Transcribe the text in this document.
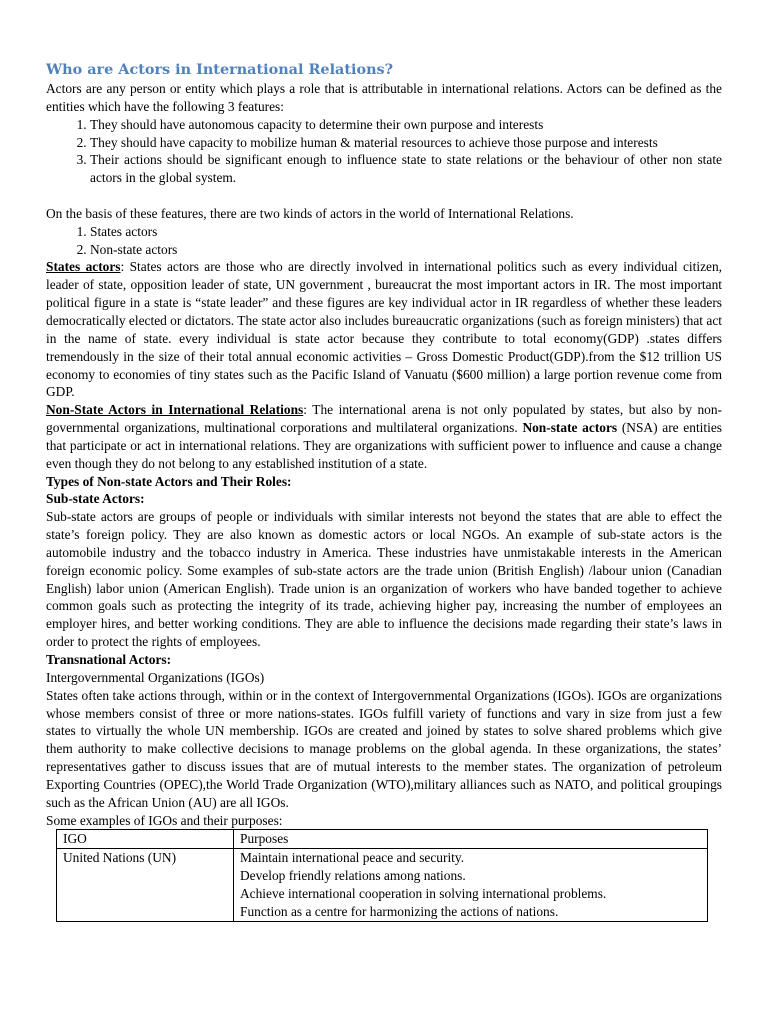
Who are Actors in International Relations?

Actors are any person or entity which plays a role that is attributable in international relations. Actors can be defined as the entities which have the following 3 features:

1. They should have autonomous capacity to determine their own purpose and interests
2. They should have capacity to mobilize human & material resources to achieve those purpose and interests
3. Their actions should be significant enough to influence state to state relations or the behaviour of other non state actors in the global system.

On the basis of these features, there are two kinds of actors in the world of International Relations.

1. States actors
2. Non-state actors

States actors: States actors are those who are directly involved in international politics such as every individual citizen, leader of state, opposition leader of state, UN government , bureaucrat the most important actors in IR. The most important political figure in a state is “state leader” and these figures are key individual actor in IR regardless of whether these leaders democratically elected or dictators. The state actor also includes bureaucratic organizations (such as foreign ministers) that act in the name of state. every individual is state actor because they contribute to total economy(GDP) .states differs tremendously in the size of their total annual economic activities – Gross Domestic Product(GDP).from the $12 trillion US economy to economies of tiny states such as the Pacific Island of Vanuatu ($600 million) a large portion revenue come from GDP.

Non-State Actors in International Relations: The international arena is not only populated by states, but also by non-governmental organizations, multinational corporations and multilateral organizations. Non-state actors (NSA) are entities that participate or act in international relations. They are organizations with sufficient power to influence and cause a change even though they do not belong to any established institution of a state.

Types of Non-state Actors and Their Roles:

Sub-state Actors:

Sub-state actors are groups of people or individuals with similar interests not beyond the states that are able to effect the state’s foreign policy. They are also known as domestic actors or local NGOs. An example of sub-state actors is the automobile industry and the tobacco industry in America. These industries have unmistakable interests in the American foreign economic policy. Some examples of sub-state actors are the trade union (British English) /labour union (Canadian English) labor union (American English). Trade union is an organization of workers who have banded together to achieve common goals such as protecting the integrity of its trade, achieving higher pay, increasing the number of employees an employer hires, and better working conditions. They are able to influence the decisions made regarding their state’s laws in order to protect the rights of employees.

Transnational Actors:

Intergovernmental Organizations (IGOs)

States often take actions through, within or in the context of Intergovernmental Organizations (IGOs). IGOs are organizations whose members consist of three or more nations-states. IGOs fulfill variety of functions and vary in size from just a few states to virtually the whole UN membership. IGOs are created and joined by states to solve shared problems which give them authority to make collective decisions to manage problems on the global agenda. In these organizations, the states’ representatives gather to discuss issues that are of mutual interests to the member states. The organization of petroleum Exporting Countries (OPEC),the World Trade Organization (WTO),military alliances such as NATO, and political groupings such as the African Union (AU) are all IGOs.

Some examples of IGOs and their purposes:

IGO	Purposes
United Nations (UN)	Maintain international peace and security.
Develop friendly relations among nations.
Achieve international cooperation in solving international problems.
Function as a centre for harmonizing the actions of nations.
